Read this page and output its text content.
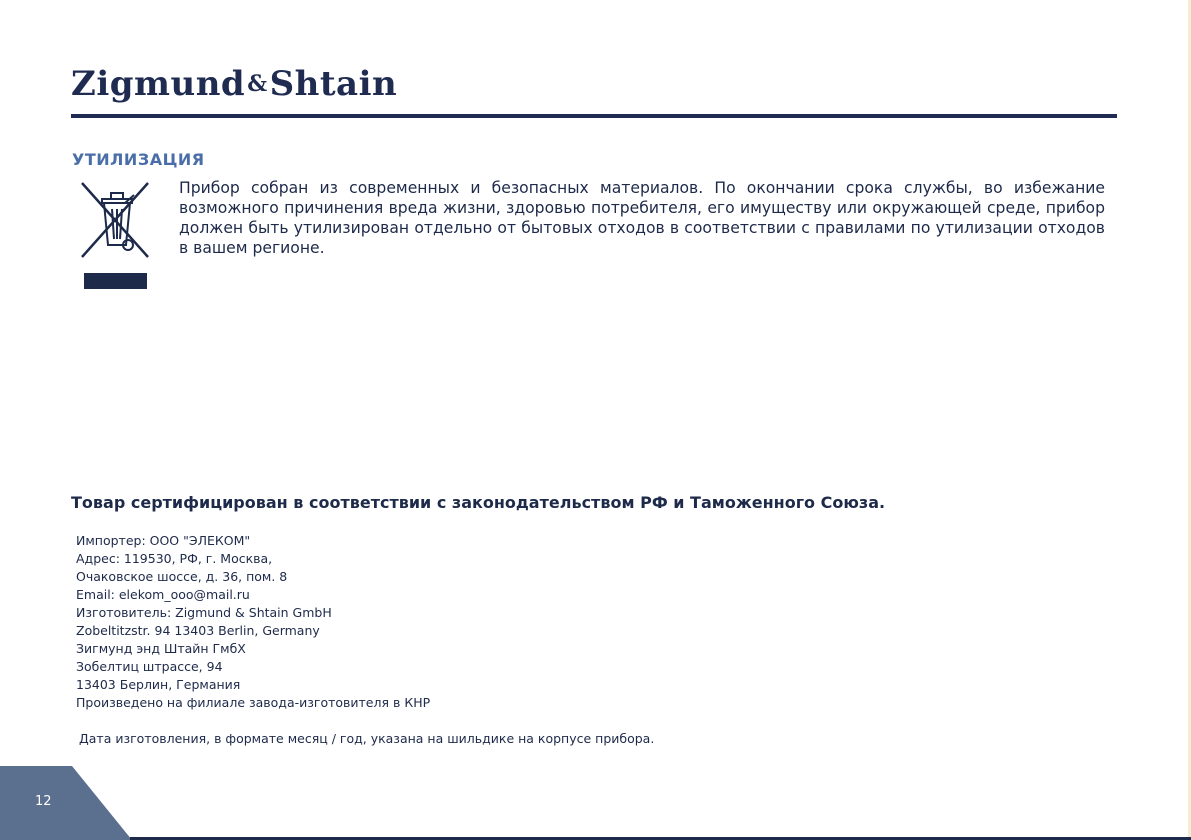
Zigmund&Shtain
УТИЛИЗАЦИЯ
Прибор собран из современных и безопасных материалов. По окончании срока службы, во избежание возможного причинения вреда жизни, здоровью потребителя, его имуществу или окружающей среде, прибор должен быть утилизирован отдельно от бытовых отходов в соответствии с правилами по утилизации отходов в вашем регионе.
Товар сертифицирован в соответствии с законодательством РФ и Таможенного Союза.
Импортер: ООО "ЭЛЕКОМ"
Адрес: 119530, РФ, г. Москва,
Очаковское шоссе, д. 36, пом. 8
Email: elekom_ooo@mail.ru
Изготовитель: Zigmund & Shtain GmbH
Zobeltitzstr. 94 13403 Berlin, Germany
Зигмунд энд Штайн ГмбХ
Зобелтиц штрассе, 94
13403 Берлин, Германия
Произведено на филиале завода-изготовителя в КНР
Дата изготовления, в формате месяц / год, указана на шильдике на корпусе прибора.
12
